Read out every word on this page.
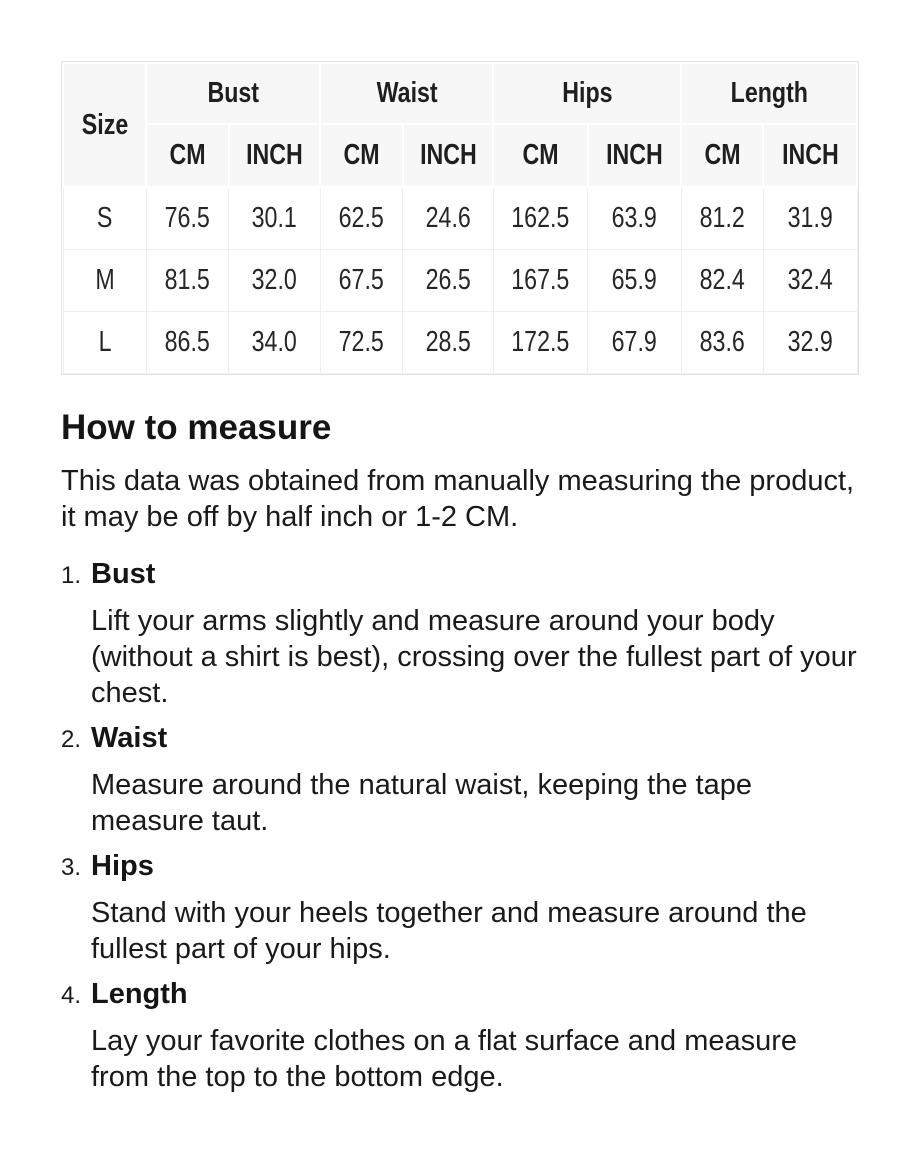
Size	Bust		Waist		Hips		Length	
	CM	INCH	CM	INCH	CM	INCH	CM	INCH
S	76.5	30.1	62.5	24.6	162.5	63.9	81.2	31.9
M	81.5	32.0	67.5	26.5	167.5	65.9	82.4	32.4
L	86.5	34.0	72.5	28.5	172.5	67.9	83.6	32.9
How to measure
This data was obtained from manually measuring the product,
it may be off by half inch or 1-2 CM.
1. Bust
Lift your arms slightly and measure around your body
(without a shirt is best), crossing over the fullest part of your
chest.
2. Waist
Measure around the natural waist, keeping the tape
measure taut.
3. Hips
Stand with your heels together and measure around the
fullest part of your hips.
4. Length
Lay your favorite clothes on a flat surface and measure
from the top to the bottom edge.
